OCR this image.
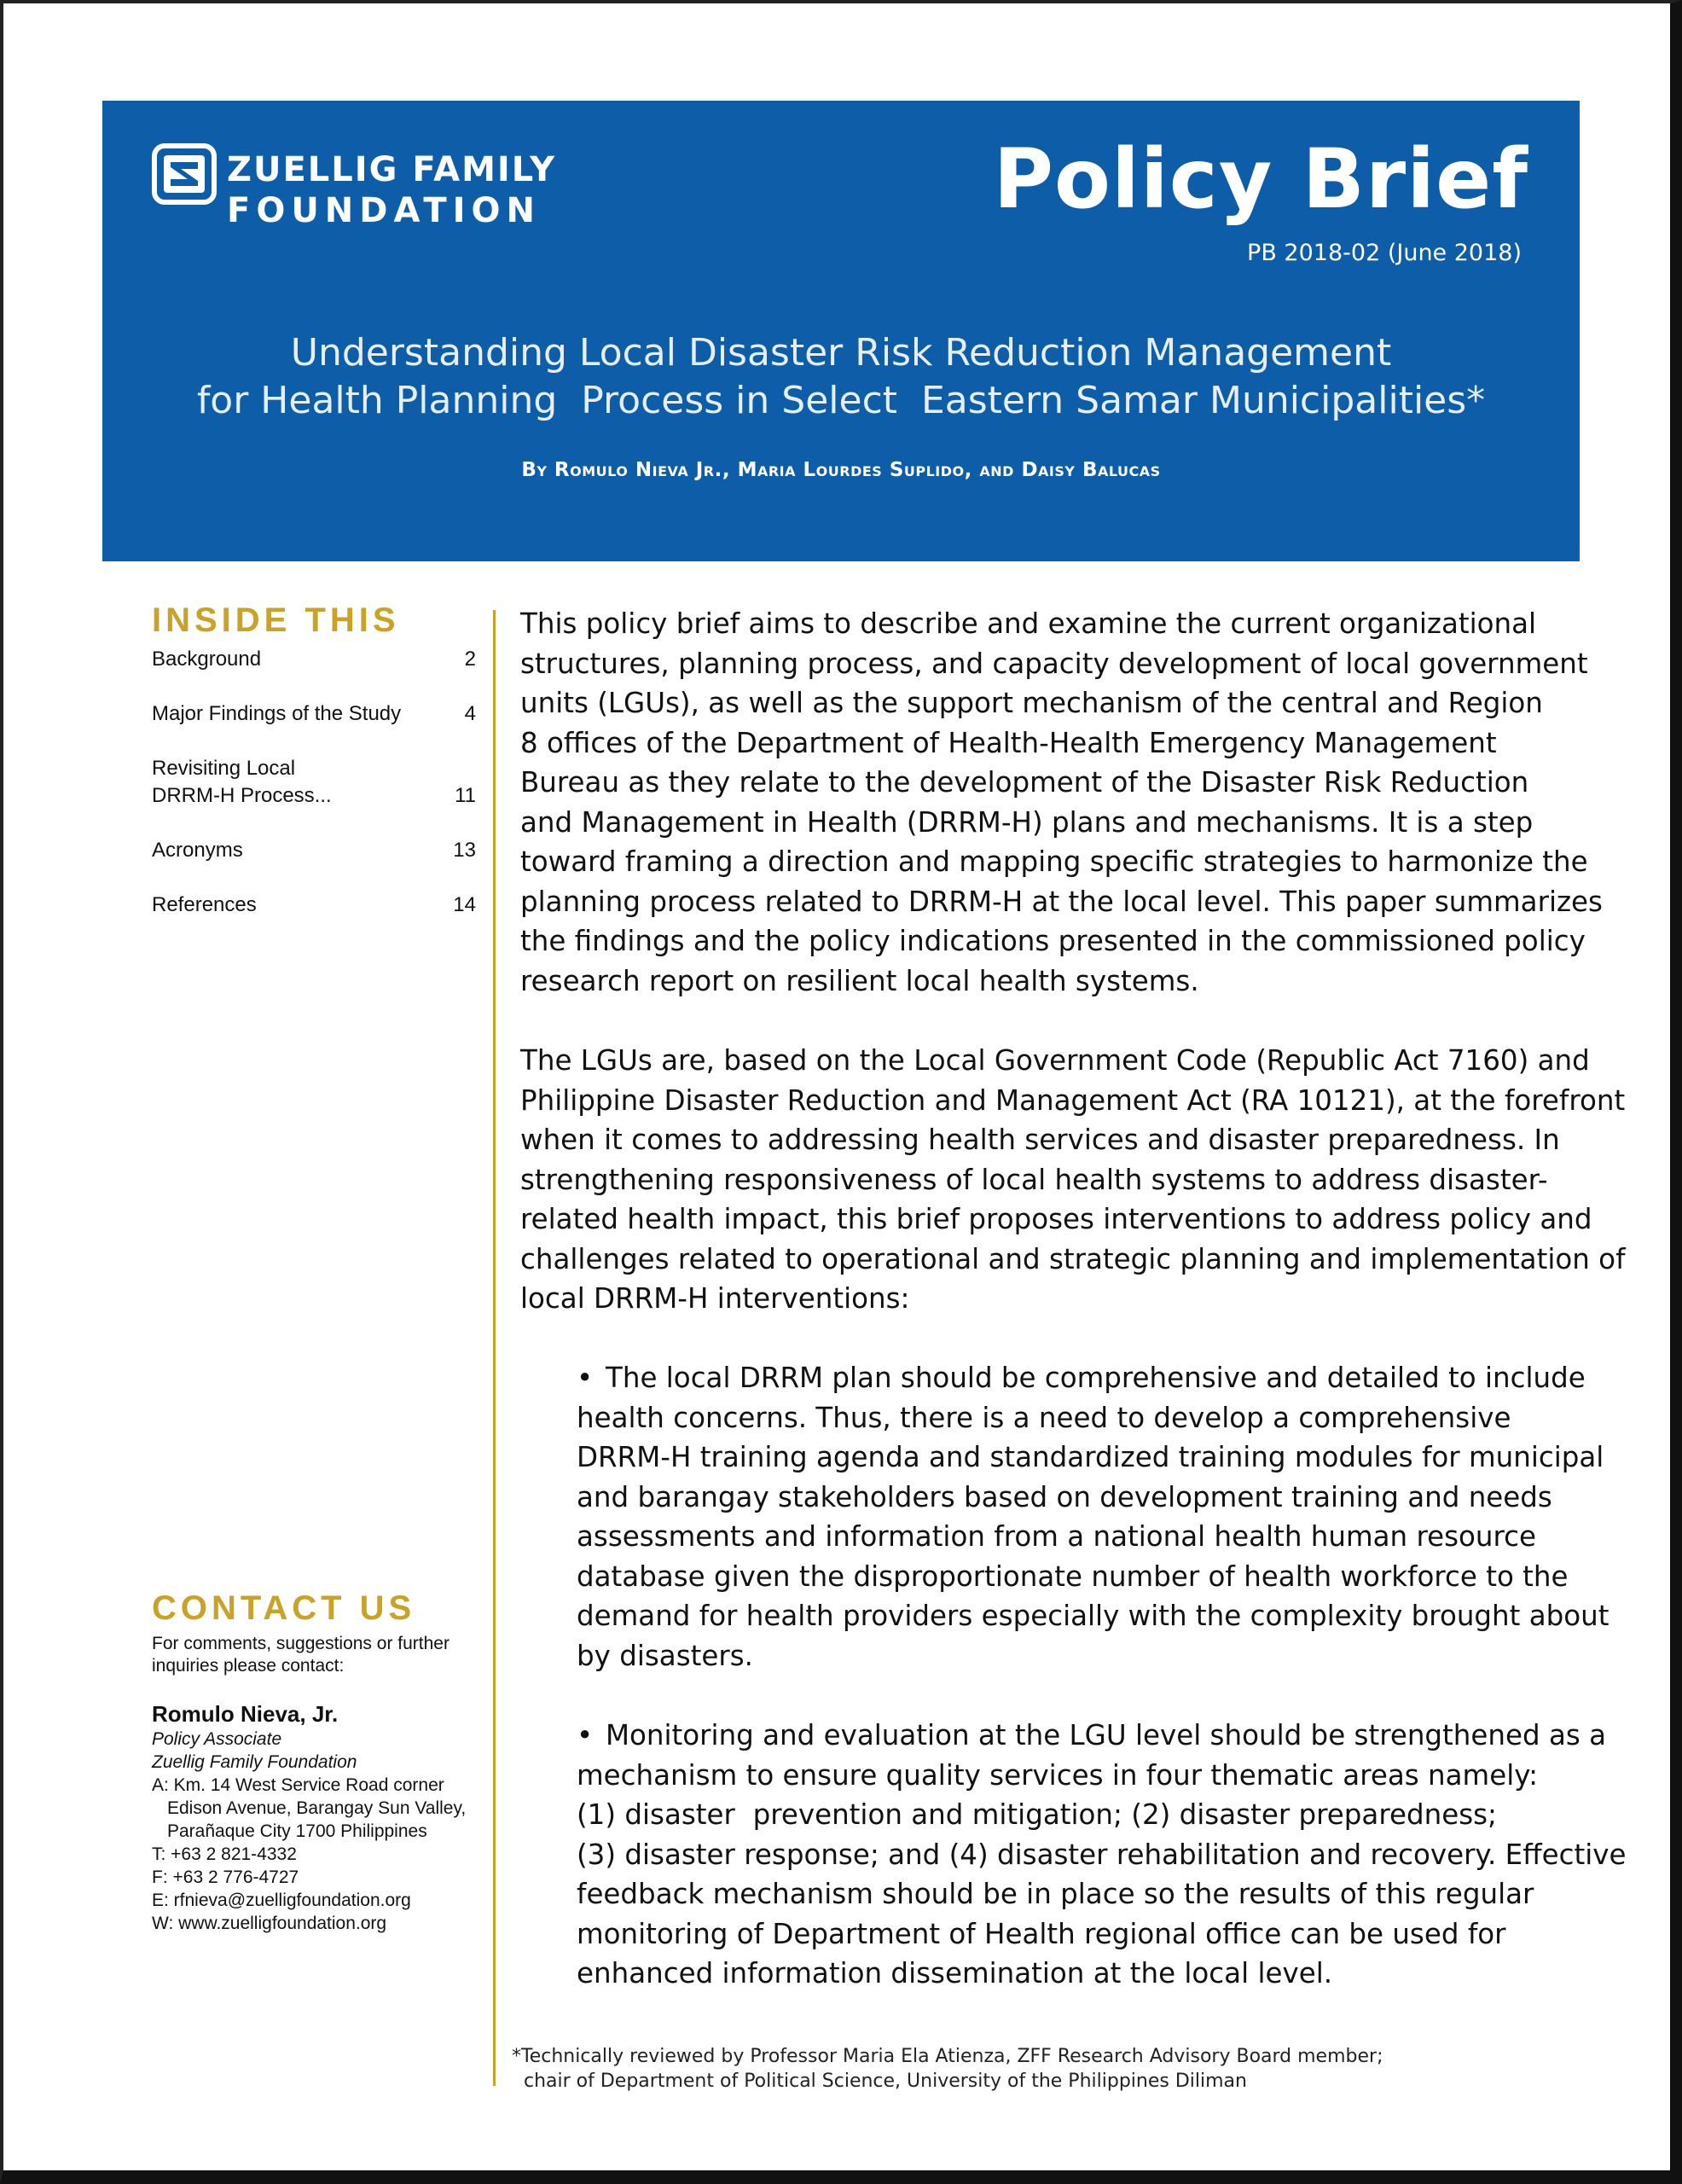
ZUELLIG FAMILY
FOUNDATION	Policy Brief
PB 2018-02 (June 2018)
Understanding Local Disaster Risk Reduction Management
for Health Planning  Process in Select  Eastern Samar Municipalities*
By Romulo Nieva Jr., Maria Lourdes Suplido, and Daisy Balucas
INSIDE THIS
Background	2
Major Findings of the Study	4
Revisiting Local DRRM-H Process...	11
Acronyms	13
References	14
CONTACT US
For comments, suggestions or further inquiries please contact:
Romulo Nieva, Jr.
Policy Associate
Zuellig Family Foundation
A: Km. 14 West Service Road corner
Edison Avenue, Barangay Sun Valley,
Parañaque City 1700 Philippines
T: +63 2 821-4332
F: +63 2 776-4727
E: rfnieva@zuelligfoundation.org
W: www.zuelligfoundation.org

This policy brief aims to describe and examine the current organizational
structures, planning process, and capacity development of local government
units (LGUs), as well as the support mechanism of the central and Region
8 offices of the Department of Health-Health Emergency Management
Bureau as they relate to the development of the Disaster Risk Reduction
and Management in Health (DRRM-H) plans and mechanisms. It is a step
toward framing a direction and mapping specific strategies to harmonize the
planning process related to DRRM-H at the local level. This paper summarizes
the findings and the policy indications presented in the commissioned policy
research report on resilient local health systems.

The LGUs are, based on the Local Government Code (Republic Act 7160) and
Philippine Disaster Reduction and Management Act (RA 10121), at the forefront
when it comes to addressing health services and disaster preparedness. In
strengthening responsiveness of local health systems to address disaster-
related health impact, this brief proposes interventions to address policy and
challenges related to operational and strategic planning and implementation of
local DRRM-H interventions:

• The local DRRM plan should be comprehensive and detailed to include
health concerns. Thus, there is a need to develop a comprehensive
DRRM-H training agenda and standardized training modules for municipal
and barangay stakeholders based on development training and needs
assessments and information from a national health human resource
database given the disproportionate number of health workforce to the
demand for health providers especially with the complexity brought about
by disasters.
• Monitoring and evaluation at the LGU level should be strengthened as a
mechanism to ensure quality services in four thematic areas namely:
(1) disaster  prevention and mitigation; (2) disaster preparedness;
(3) disaster response; and (4) disaster rehabilitation and recovery. Effective
feedback mechanism should be in place so the results of this regular
monitoring of Department of Health regional office can be used for
enhanced information dissemination at the local level.
*Technically reviewed by Professor Maria Ela Atienza, ZFF Research Advisory Board member;
chair of Department of Political Science, University of the Philippines Diliman
